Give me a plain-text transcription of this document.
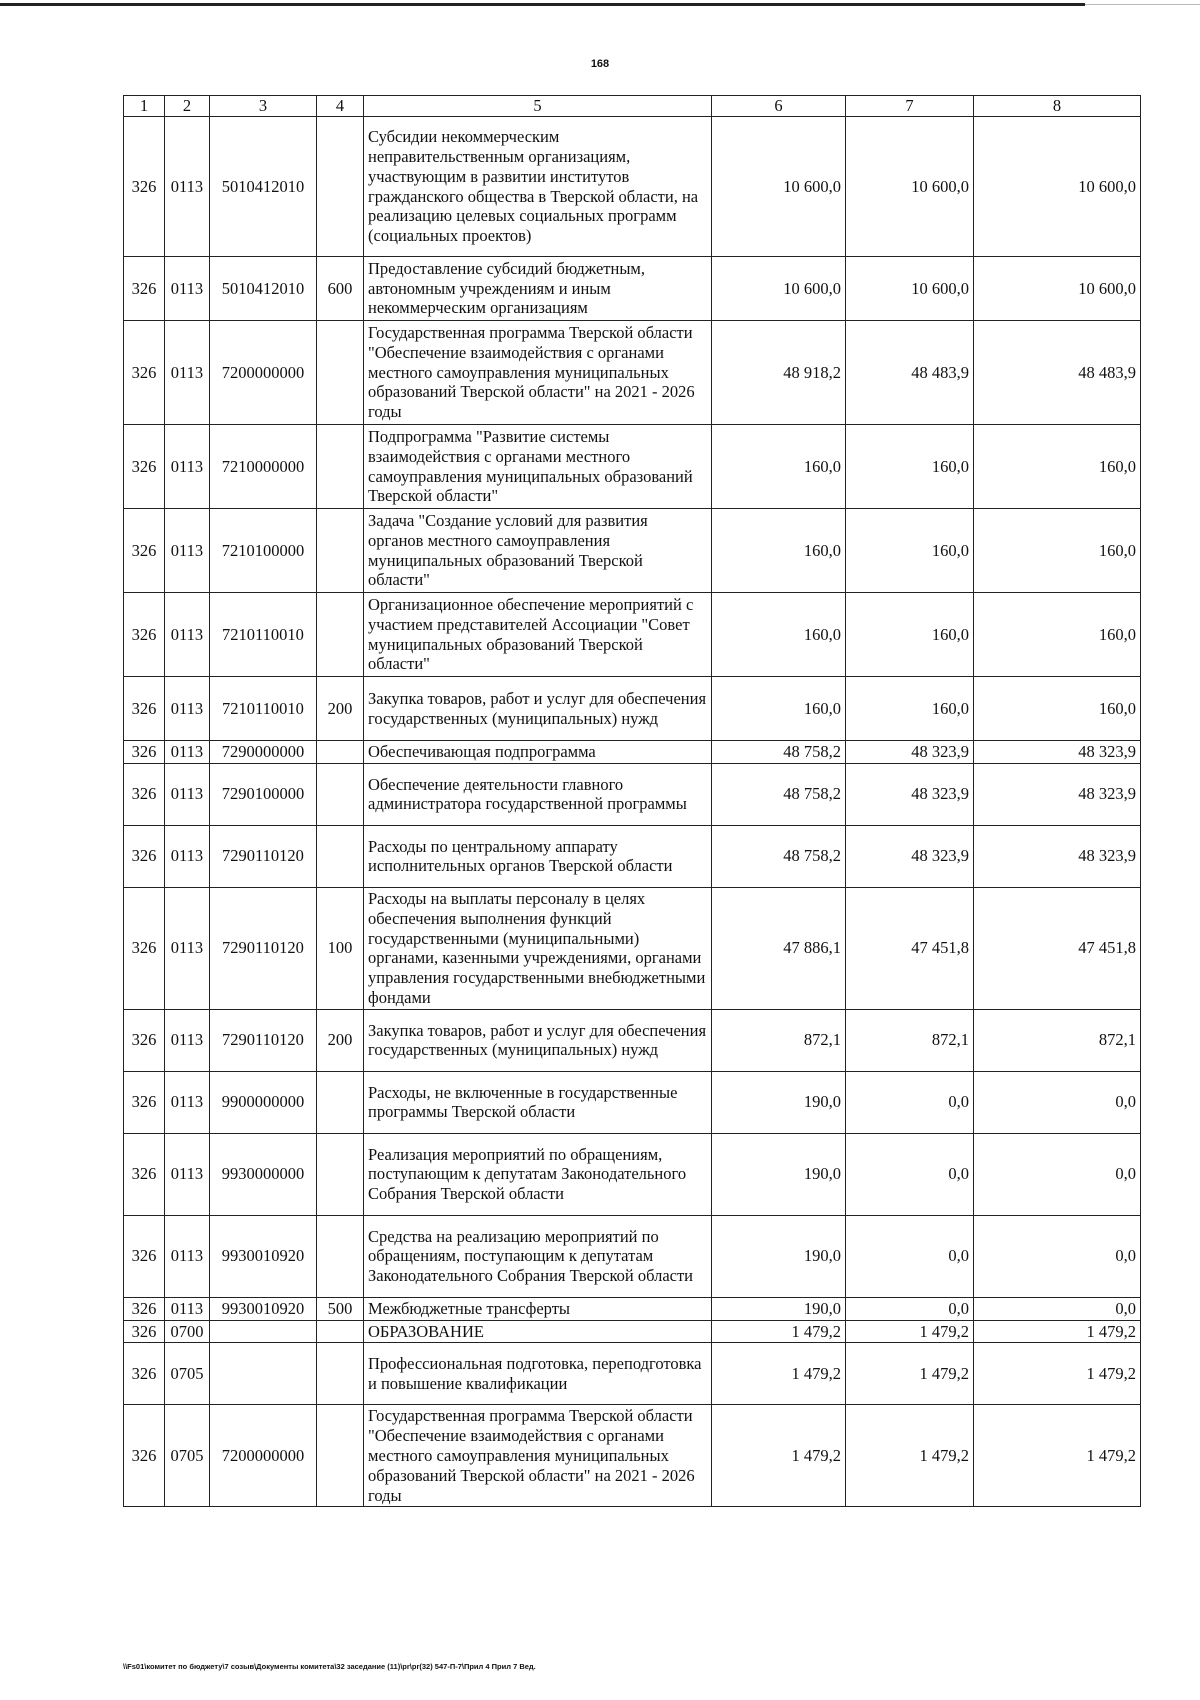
168
1	2	3	4	5	6	7	8
326	0113	5010412010		Субсидии некоммерческим неправительственным организациям, участвующим в развитии институтов гражданского общества в Тверской области, на реализацию целевых социальных программ (социальных проектов)	10 600,0	10 600,0	10 600,0
326	0113	5010412010	600	Предоставление субсидий бюджетным, автономным учреждениям и иным некоммерческим организациям	10 600,0	10 600,0	10 600,0
326	0113	7200000000		Государственная программа Тверской области "Обеспечение взаимодействия с органами местного самоуправления муниципальных образований Тверской области" на 2021 - 2026 годы	48 918,2	48 483,9	48 483,9
326	0113	7210000000		Подпрограмма "Развитие системы взаимодействия с органами местного самоуправления муниципальных образований Тверской области"	160,0	160,0	160,0
326	0113	7210100000		Задача "Создание условий для развития органов местного самоуправления муниципальных образований Тверской области"	160,0	160,0	160,0
326	0113	7210110010		Организационное обеспечение мероприятий с участием представителей Ассоциации "Совет муниципальных образований Тверской области"	160,0	160,0	160,0
326	0113	7210110010	200	Закупка товаров, работ и услуг для обеспечения государственных (муниципальных) нужд	160,0	160,0	160,0
326	0113	7290000000		Обеспечивающая подпрограмма	48 758,2	48 323,9	48 323,9
326	0113	7290100000		Обеспечение деятельности главного администратора государственной программы	48 758,2	48 323,9	48 323,9
326	0113	7290110120		Расходы по центральному аппарату исполнительных органов Тверской области	48 758,2	48 323,9	48 323,9
326	0113	7290110120	100	Расходы на выплаты персоналу в целях обеспечения выполнения функций государственными (муниципальными) органами, казенными учреждениями, органами управления государственными внебюджетными фондами	47 886,1	47 451,8	47 451,8
326	0113	7290110120	200	Закупка товаров, работ и услуг для обеспечения государственных (муниципальных) нужд	872,1	872,1	872,1
326	0113	9900000000		Расходы, не включенные в государственные программы Тверской области	190,0	0,0	0,0
326	0113	9930000000		Реализация мероприятий по обращениям, поступающим к депутатам Законодательного Собрания Тверской области	190,0	0,0	0,0
326	0113	9930010920		Средства на реализацию мероприятий по обращениям, поступающим к депутатам Законодательного Собрания Тверской области	190,0	0,0	0,0
326	0113	9930010920	500	Межбюджетные трансферты	190,0	0,0	0,0
326	0700			ОБРАЗОВАНИЕ	1 479,2	1 479,2	1 479,2
326	0705			Профессиональная подготовка, переподготовка и повышение квалификации	1 479,2	1 479,2	1 479,2
326	0705	7200000000		Государственная программа Тверской области "Обеспечение взаимодействия с органами местного самоуправления муниципальных образований Тверской области" на 2021 - 2026 годы	1 479,2	1 479,2	1 479,2
\\Fs01\комитет по бюджету\7 созыв\Документы комитета\32 заседание (11)\pr\pr(32) 547-П-7\Прил 4 Прил 7 Вед.
